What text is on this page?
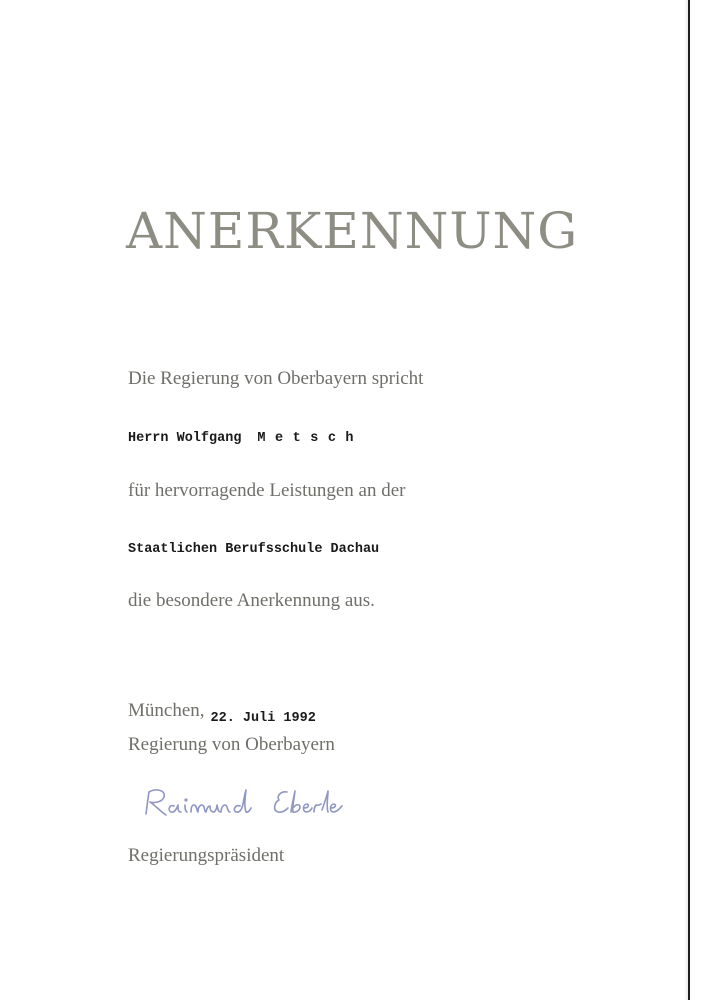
ANERKENNUNG
Die Regierung von Oberbayern spricht
Herrn Wolfgang Metsch
für hervorragende Leistungen an der
Staatlichen Berufsschule Dachau
die besondere Anerkennung aus.
München, $_{22. Juli 1992}$
Regierung von Oberbayern
Regierungspräsident
